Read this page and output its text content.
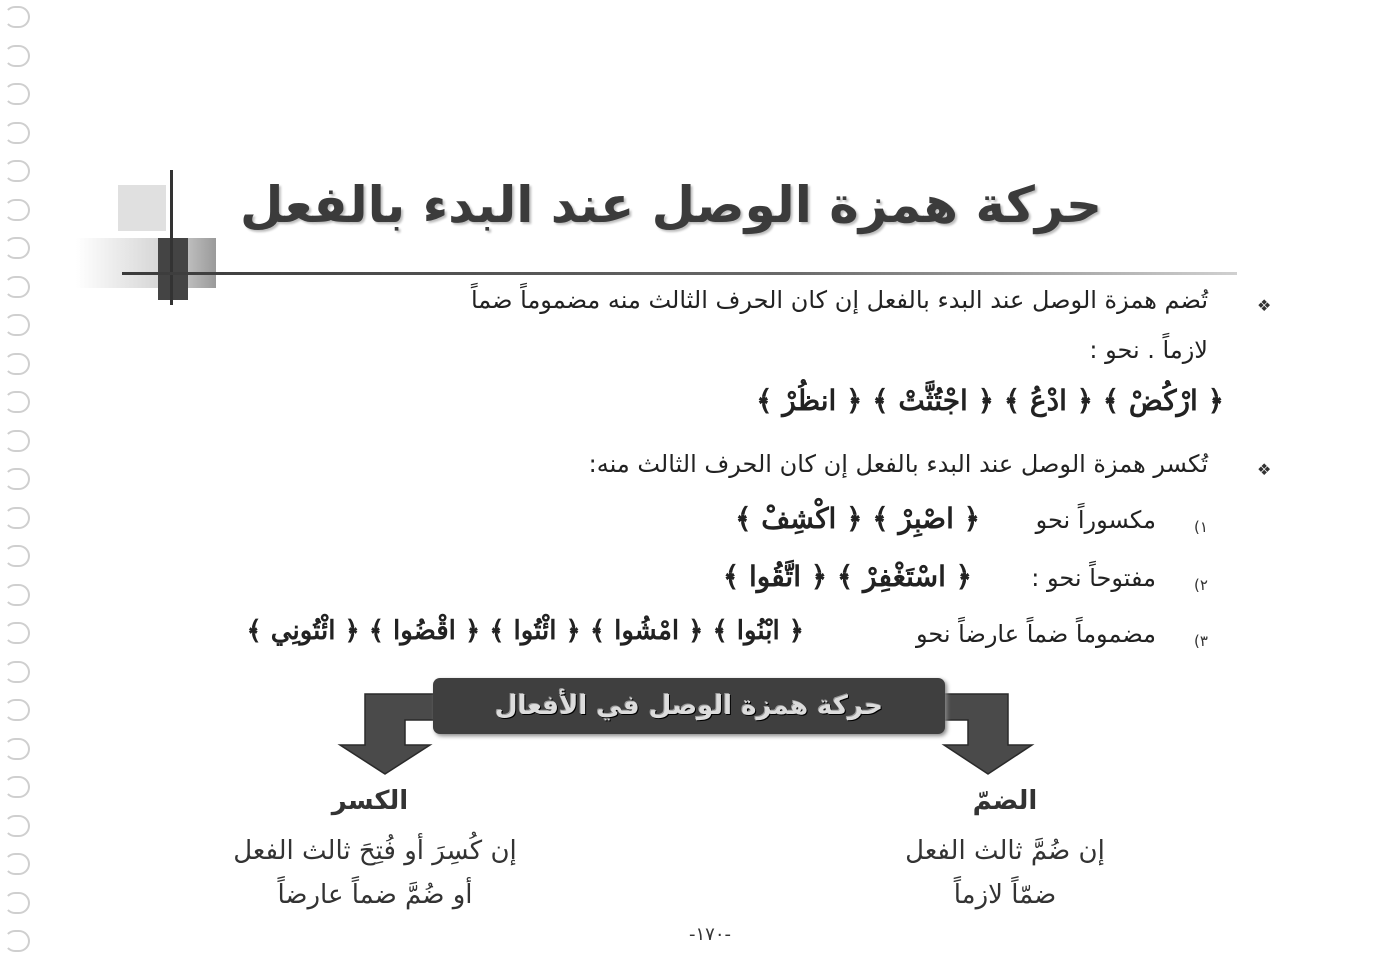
حركة همزة الوصل عند البدء بالفعل
❖
تُضم همزة الوصل عند البدء بالفعل إن كان الحرف الثالث منه مضموماً ضماً
لازماً . نحو :
﴿ ارْكُضْ ﴾ ﴿ ادْعُ ﴾ ﴿ اجْتُثَّتْ ﴾ ﴿ انظُرْ ﴾
❖
تُكسر همزة الوصل عند البدء بالفعل إن كان الحرف الثالث منه:
١)
مكسوراً نحو
﴿ اصْبِرْ ﴾ ﴿ اكْشِفْ ﴾
٢)
مفتوحاً نحو :
﴿ اسْتَغْفِرْ ﴾ ﴿ اتَّقُوا ﴾
٣)
مضموماً ضماً عارضاً نحو
﴿ ابْنُوا ﴾ ﴿ امْشُوا ﴾ ﴿ ائْتُوا ﴾ ﴿ اقْضُوا ﴾ ﴿ ائْتُونِي ﴾
حركة همزة الوصل في الأفعال
الضمّ
إن ضُمَّ ثالث الفعل
ضمّاً لازماً
الكسر
إن كُسِرَ أو فُتِحَ ثالث الفعل
أو ضُمَّ ضماً عارضاً
-١٧٠-
